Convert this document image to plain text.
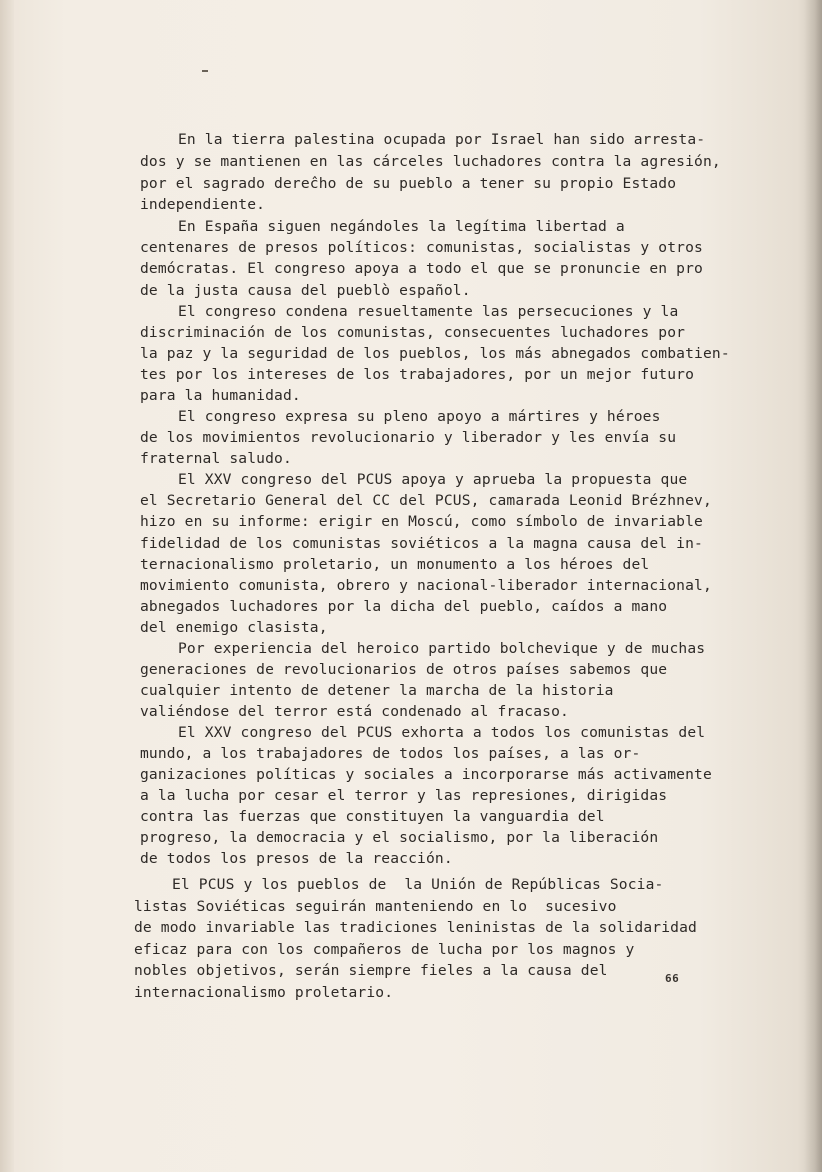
En la tierra palestina ocupada por Israel han sido arresta-
dos y se mantienen en las cárceles luchadores contra la agresión,
por el sagrado dereĉho de su pueblo a tener su propio Estado
independiente.
En España siguen negándoles la legítima libertad a
centenares de presos políticos: comunistas, socialistas y otros
demócratas. El congreso apoya a todo el que se pronuncie en pro
de la justa causa del pueblò español.
El congreso condena resueltamente las persecuciones y la
discriminación de los comunistas, consecuentes luchadores por
la paz y la seguridad de los pueblos, los más abnegados combatien-
tes por los intereses de los trabajadores, por un mejor futuro
para la humanidad.
El congreso expresa su pleno apoyo a mártires y héroes
de los movimientos revolucionario y liberador y les envía su
fraternal saludo.
El XXV congreso del PCUS apoya y aprueba la propuesta que
el Secretario General del CC del PCUS, camarada Leonid Brézhnev,
hizo en su informe: erigir en Moscú, como símbolo de invariable
fidelidad de los comunistas soviéticos a la magna causa del in-
ternacionalismo proletario, un monumento a los héroes del
movimiento comunista, obrero y nacional-liberador internacional,
abnegados luchadores por la dicha del pueblo, caídos a mano
del enemigo clasista,
Por experiencia del heroico partido bolchevique y de muchas
generaciones de revolucionarios de otros países sabemos que
cualquier intento de detener la marcha de la historia
valiéndose del terror está condenado al fracaso.
El XXV congreso del PCUS exhorta a todos los comunistas del
mundo, a los trabajadores de todos los países, a las or-
ganizaciones políticas y sociales a incorporarse más activamente
a la lucha por cesar el terror y las represiones, dirigidas
contra las fuerzas que constituyen la vanguardia del
progreso, la democracia y el socialismo, por la liberación
de todos los presos de la reacción.
El PCUS y los pueblos de  la Unión de Repúblicas Socia-
listas Soviéticas seguirán manteniendo en lo  sucesivo
de modo invariable las tradiciones leninistas de la solidaridad
eficaz para con los compañeros de lucha por los magnos y
nobles objetivos, serán siempre fieles a la causa del
internacionalismo proletario.
66
